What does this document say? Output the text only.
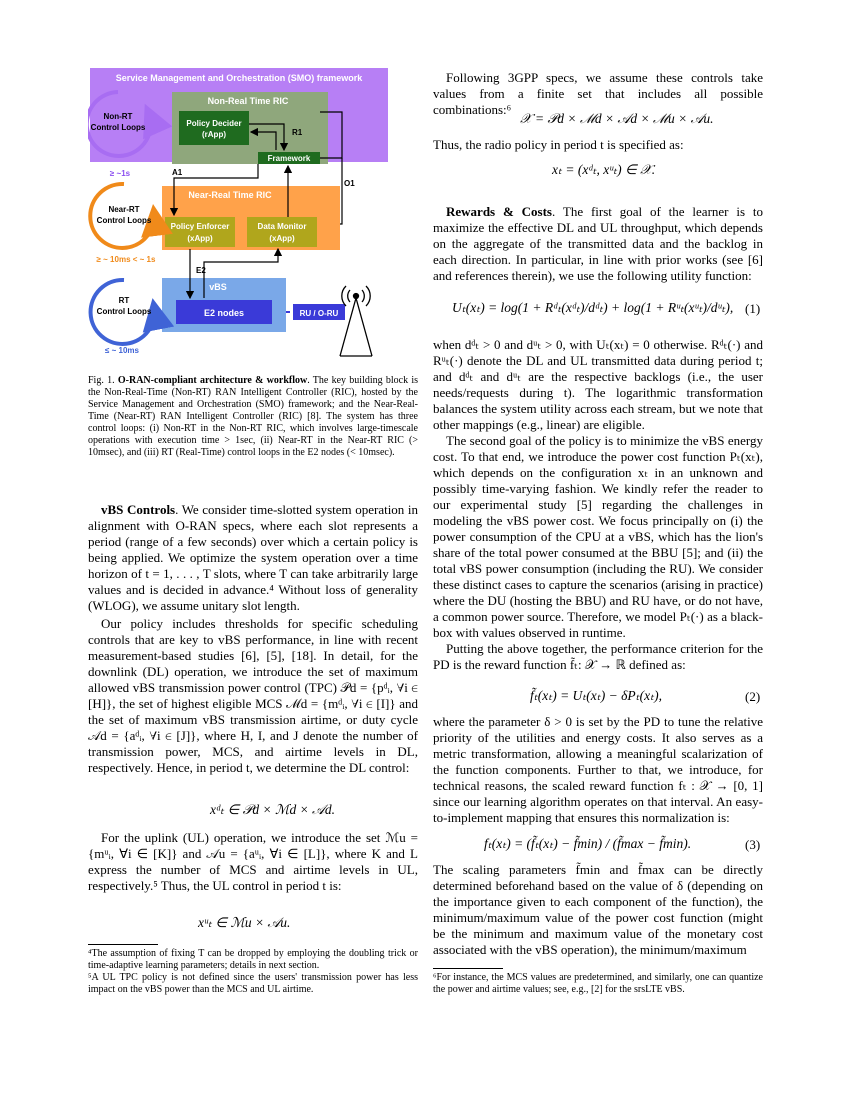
Service Management and Orchestration (SMO) framework
Non-Real Time RIC
Policy Decider
(rApp)	R1
Framework
O1
Non-RT
Control Loops
≥ ~1s	A1
Near-Real Time RIC
Policy Enforcer
(xApp)
Data Monitor
(xApp)
Near-RT
Control Loops
≥ ~ 10ms < ~ 1s
vBS
E2
E2 nodes	RU / O-RU
RT
Control Loops
≤ ~ 10ms

Fig. 1. O-RAN-compliant architecture & workflow. The key building block is the Non-Real-Time (Non-RT) RAN Intelligent Controller (RIC), hosted by the Service Management and Orchestration (SMO) framework; and the Near-Real-Time (Near-RT) RAN Intelligent Controller (RIC) [8]. The system has three control loops: (i) Non-RT in the Non-RT RIC, which involves large-timescale operations with execution time > 1sec, (ii) Near-RT in the Near-RT RIC (> 10msec), and (iii) RT (Real-Time) control loops in the E2 nodes (< 10msec).

vBS Controls. We consider time-slotted system operation in alignment with O-RAN specs, where each slot represents a period (range of a few seconds) over which a certain policy is being applied. We optimize the system operation over a time horizon of t = 1, . . . , T slots, where T can take arbitrarily large values and is decided in advance.⁴ Without loss of generality (WLOG), we assume unitary slot length.

Our policy includes thresholds for specific scheduling controls that are key to vBS performance, in line with recent measurement-based studies [6], [5], [18]. In detail, for the downlink (DL) operation, we introduce the set of maximum allowed vBS transmission power control (TPC) 𝒫d = {pᵈᵢ, ∀i ∈ [H]}, the set of highest eligible MCS ℳd = {mᵈᵢ, ∀i ∈ [I]} and the set of maximum vBS transmission airtime, or duty cycle 𝒜d = {aᵈᵢ, ∀i ∈ [J]}, where H, I, and J denote the number of transmission power, MCS, and airtime levels in DL, respectively. Hence, in period t, we determine the DL control:

xᵈₜ ∈ 𝒫d × ℳd × 𝒜d.

For the uplink (UL) operation, we introduce the set ℳu = {mᵘᵢ, ∀i ∈ [K]} and 𝒜u = {aᵘᵢ, ∀i ∈ [L]}, where K and L express the number of MCS and airtime levels in UL, respectively.⁵ Thus, the UL control in period t is:

xᵘₜ ∈ ℳu × 𝒜u.

⁴The assumption of fixing T can be dropped by employing the doubling trick or time-adaptive learning parameters; details in next section.

⁵A UL TPC policy is not defined since the users' transmission power has less impact on the vBS power than the MCS and UL airtime.

Following 3GPP specs, we assume these controls take values from a finite set that includes all possible combinations:⁶

𝒳 = 𝒫d × ℳd × 𝒜d × ℳu × 𝒜u.

Thus, the radio policy in period t is specified as:

xₜ = (xᵈₜ, xᵘₜ) ∈ 𝒳.

Rewards & Costs. The first goal of the learner is to maximize the effective DL and UL throughput, which depends on the aggregate of the transmitted data and the backlog in each direction. In particular, in line with prior works (see [6] and references therein), we use the following utility function:

Uₜ(xₜ) = log(1 + Rᵈₜ(xᵈₜ)/dᵈₜ) + log(1 + Rᵘₜ(xᵘₜ)/dᵘₜ), (1)

when dᵈₜ > 0 and dᵘₜ > 0, with Uₜ(xₜ) = 0 otherwise. Rᵈₜ(·) and Rᵘₜ(·) denote the DL and UL transmitted data during period t; and dᵈₜ and dᵘₜ are the respective backlogs (i.e., the user needs/requests during t). The logarithmic transformation balances the system utility across each stream, but we note that other mappings (e.g., linear) are eligible.

The second goal of the policy is to minimize the vBS energy cost. To that end, we introduce the power cost function Pₜ(xₜ), which depends on the configuration xₜ in an unknown and possibly time-varying fashion. We kindly refer the reader to our experimental study [5] regarding the challenges in modeling the vBS power cost. We focus principally on (i) the power consumption of the CPU at a vBS, which has the lion's share of the total power consumed at the BBU [5]; and (ii) the total vBS power consumption (including the RU). We consider these distinct cases to capture the scenarios (arising in practice) where the DU (hosting the BBU) and RU have, or do not have, a common power source. Therefore, we model Pₜ(·) as a black-box with values observed in runtime.

Putting the above together, the performance criterion for the PD is the reward function f̃ₜ: 𝒳 → ℝ defined as:

f̃ₜ(xₜ) = Uₜ(xₜ) − δPₜ(xₜ),	(2)

where the parameter δ > 0 is set by the PD to tune the relative priority of the utilities and energy costs. It also serves as a metric transformation, allowing a meaningful scalarization of the function components. Further to that, we introduce, for technical reasons, the scaled reward function fₜ : 𝒳 → [0, 1] since our learning algorithm operates on that interval. An easy-to-implement mapping that ensures this normalization is:

fₜ(xₜ) = (f̃ₜ(xₜ) − f̃min) / (f̃max − f̃min).	(3)

The scaling parameters f̃min and f̃max can be directly determined beforehand based on the value of δ (depending on the importance given to each component of the function), the minimum/maximum value of the power cost function (might be the minimum and maximum value of the monetary cost associated with the vBS operation), the minimum/maximum

⁶For instance, the MCS values are predetermined, and similarly, one can quantize the power and airtime values; see, e.g., [2] for the srsLTE vBS.
